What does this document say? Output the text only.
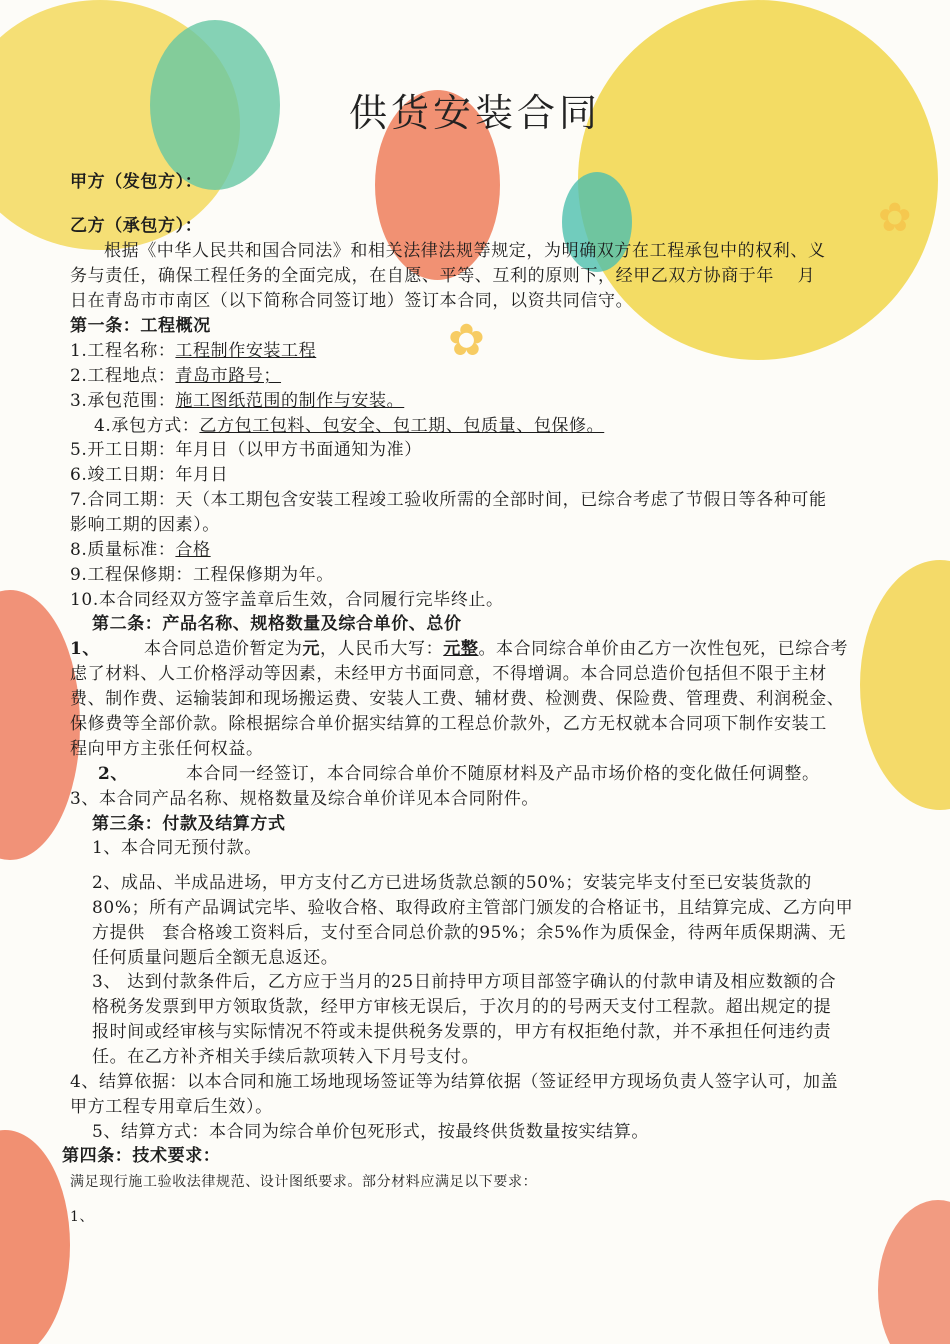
✿
✿
供货安装合同
甲方（发包方）：
乙方（承包方）：
根据《中华人民共和国合同法》和相关法律法规等规定，为明确双方在工程承包中的权利、义
务与责任，确保工程任务的全面完成，在自愿、平等、互利的原则下，经甲乙双方协商于年　 月
日在青岛市市南区（以下简称合同签订地）签订本合同，以资共同信守。
第一条：工程概况
1.工程名称：工程制作安装工程
2.工程地点：青岛市路号；
3.承包范围：施工图纸范围的制作与安装。
4.承包方式：乙方包工包料、包安全、包工期、包质量、包保修。
5.开工日期：年月日（以甲方书面通知为准）
6.竣工日期：年月日
7.合同工期：天（本工期包含安装工程竣工验收所需的全部时间，已综合考虑了节假日等各种可能
影响工期的因素）。
8.质量标准：合格
9.工程保修期：工程保修期为年。
10.本合同经双方签字盖章后生效，合同履行完毕终止。
第二条：产品名称、规格数量及综合单价、总价
1、	本合同总造价暂定为元，人民币大写：元整。本合同综合单价由乙方一次性包死，已综合考
虑了材料、人工价格浮动等因素，未经甲方书面同意，不得增调。本合同总造价包括但不限于主材
费、制作费、运输装卸和现场搬运费、安装人工费、辅材费、检测费、保险费、管理费、利润税金、
保修费等全部价款。除根据综合单价据实结算的工程总价款外，乙方无权就本合同项下制作安装工
程向甲方主张任何权益。
2、	本合同一经签订，本合同综合单价不随原材料及产品市场价格的变化做任何调整。
3、本合同产品名称、规格数量及综合单价详见本合同附件。
第三条：付款及结算方式
1、本合同无预付款。
2、成品、半成品进场，甲方支付乙方已进场货款总额的50%；安装完毕支付至已安装货款的
80%；所有产品调试完毕、验收合格、取得政府主管部门颁发的合格证书，且结算完成、乙方向甲
方提供　套合格竣工资料后，支付至合同总价款的95%；余5%作为质保金，待两年质保期满、无
任何质量问题后全额无息返还。
3、 达到付款条件后，乙方应于当月的25日前持甲方项目部签字确认的付款申请及相应数额的合
格税务发票到甲方领取货款，经甲方审核无误后，于次月的的号两天支付工程款。超出规定的提
报时间或经审核与实际情况不符或未提供税务发票的，甲方有权拒绝付款，并不承担任何违约责
任。在乙方补齐相关手续后款项转入下月号支付。
4、结算依据：以本合同和施工场地现场签证等为结算依据（签证经甲方现场负责人签字认可，加盖
甲方工程专用章后生效）。
5、结算方式：本合同为综合单价包死形式，按最终供货数量按实结算。
第四条：技术要求：
满足现行施工验收法律规范、设计图纸要求。部分材料应满足以下要求：
1、
